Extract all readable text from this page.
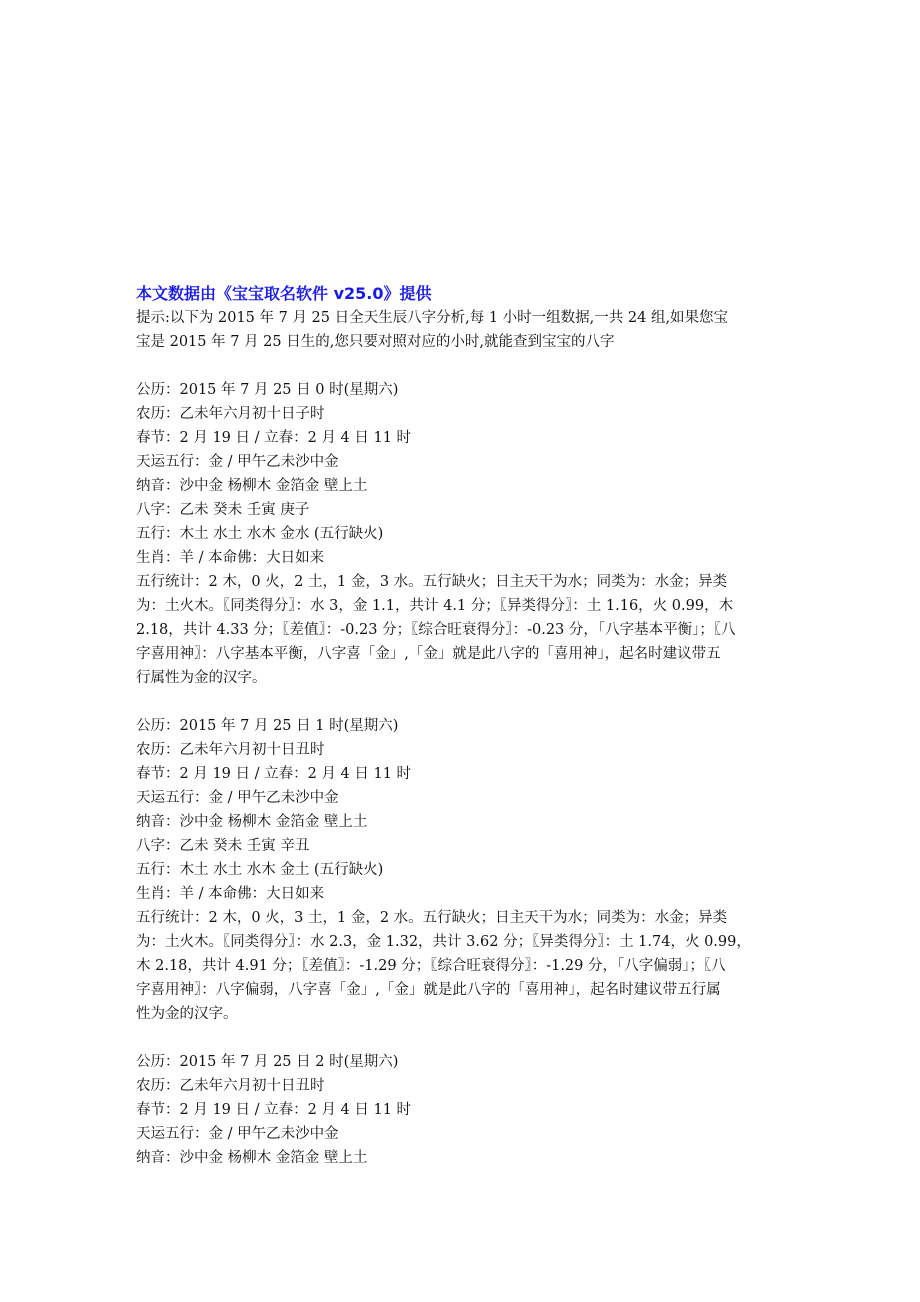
本文数据由《宝宝取名软件 v25.0》提供
提示:以下为 2015 年 7 月 25 日全天生辰八字分析,每 1 小时一组数据,一共 24 组,如果您宝
宝是 2015 年 7 月 25 日生的,您只要对照对应的小时,就能查到宝宝的八字
公历：2015 年 7 月 25 日 0 时(星期六)
农历：乙未年六月初十日子时
春节：2 月 19 日 / 立春：2 月 4 日 11 时
天运五行：金 / 甲午乙未沙中金
纳音：沙中金 杨柳木 金箔金 壁上土
八字：乙未 癸未 壬寅 庚子
五行：木土 水土 水木 金水 (五行缺火)
生肖：羊 / 本命佛：大日如来
五行统计：2 木，0 火，2 土，1 金，3 水。五行缺火；日主天干为水；同类为：水金；异类
为：土火木。〖同类得分〗：水 3，金 1.1，共计 4.1 分；〖异类得分〗：土 1.16，火 0.99，木
2.18，共计 4.33 分；〖差值〗：-0.23 分；〖综合旺衰得分〗：-0.23 分，「八字基本平衡」；〖八
字喜用神〗：八字基本平衡，八字喜「金」,「金」就是此八字的「喜用神」，起名时建议带五
行属性为金的汉字。
公历：2015 年 7 月 25 日 1 时(星期六)
农历：乙未年六月初十日丑时
春节：2 月 19 日 / 立春：2 月 4 日 11 时
天运五行：金 / 甲午乙未沙中金
纳音：沙中金 杨柳木 金箔金 壁上土
八字：乙未 癸未 壬寅 辛丑
五行：木土 水土 水木 金土 (五行缺火)
生肖：羊 / 本命佛：大日如来
五行统计：2 木，0 火，3 土，1 金，2 水。五行缺火；日主天干为水；同类为：水金；异类
为：土火木。〖同类得分〗：水 2.3，金 1.32，共计 3.62 分；〖异类得分〗：土 1.74，火 0.99，
木 2.18，共计 4.91 分；〖差值〗：-1.29 分；〖综合旺衰得分〗：-1.29 分，「八字偏弱」；〖八
字喜用神〗：八字偏弱，八字喜「金」,「金」就是此八字的「喜用神」，起名时建议带五行属
性为金的汉字。
公历：2015 年 7 月 25 日 2 时(星期六)
农历：乙未年六月初十日丑时
春节：2 月 19 日 / 立春：2 月 4 日 11 时
天运五行：金 / 甲午乙未沙中金
纳音：沙中金 杨柳木 金箔金 壁上土
